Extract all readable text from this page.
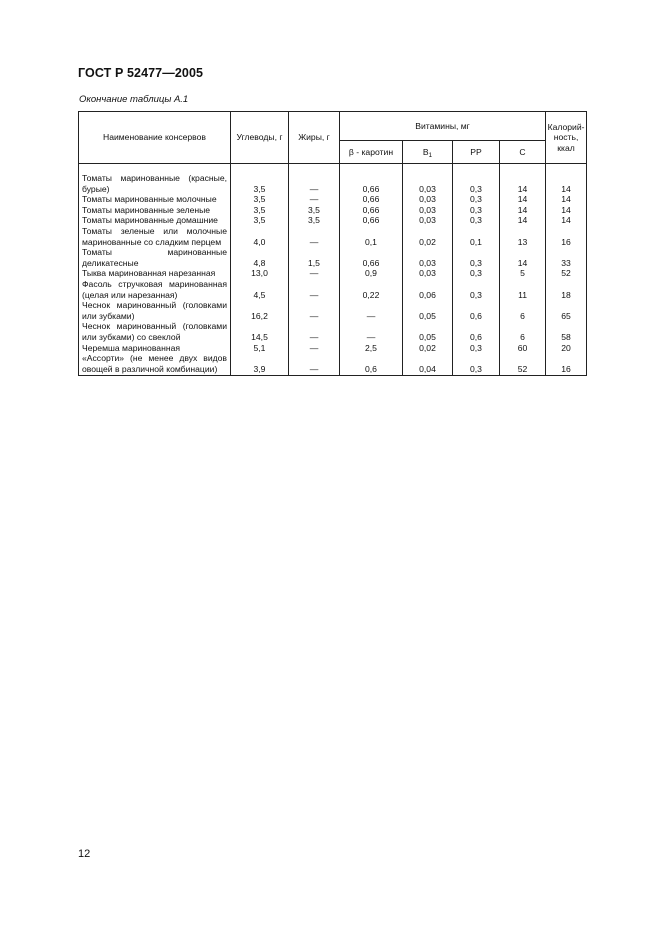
ГОСТ Р 52477—2005
Окончание таблицы А.1
Наименование консервов	Углеводы, г	Жиры, г	Витамины, мг				Калорий-ность, ккал
			β - каротин	$В_1$	РР	С	

Томаты маринованные (красные, бурые)	3,5	—	0,66	0,03	0,3	14	14
Томаты маринованные молочные	3,5	—	0,66	0,03	0,3	14	14
Томаты маринованные зеленые	3,5	3,5	0,66	0,03	0,3	14	14
Томаты маринованные домашние	3,5	3,5	0,66	0,03	0,3	14	14
Томаты зеленые или молочные маринованные со сладким перцем	4,0	—	0,1	0,02	0,1	13	16
Томаты маринованные деликатесные	4,8	1,5	0,66	0,03	0,3	14	33
Тыква маринованная нарезанная	13,0	—	0,9	0,03	0,3	5	52
Фасоль стручковая маринованная (целая или нарезанная)	4,5	—	0,22	0,06	0,3	11	18
Чеснок маринованный (головками или зубками)	16,2	—	—	0,05	0,6	6	65
Чеснок маринованный (головками или зубками) со свеклой	14,5	—	—	0,05	0,6	6	58
Черемша маринованная	5,1	—	2,5	0,02	0,3	60	20
«Ассорти» (не менее двух видов овощей в различной комбинации)	3,9	—	0,6	0,04	0,3	52	16
12
